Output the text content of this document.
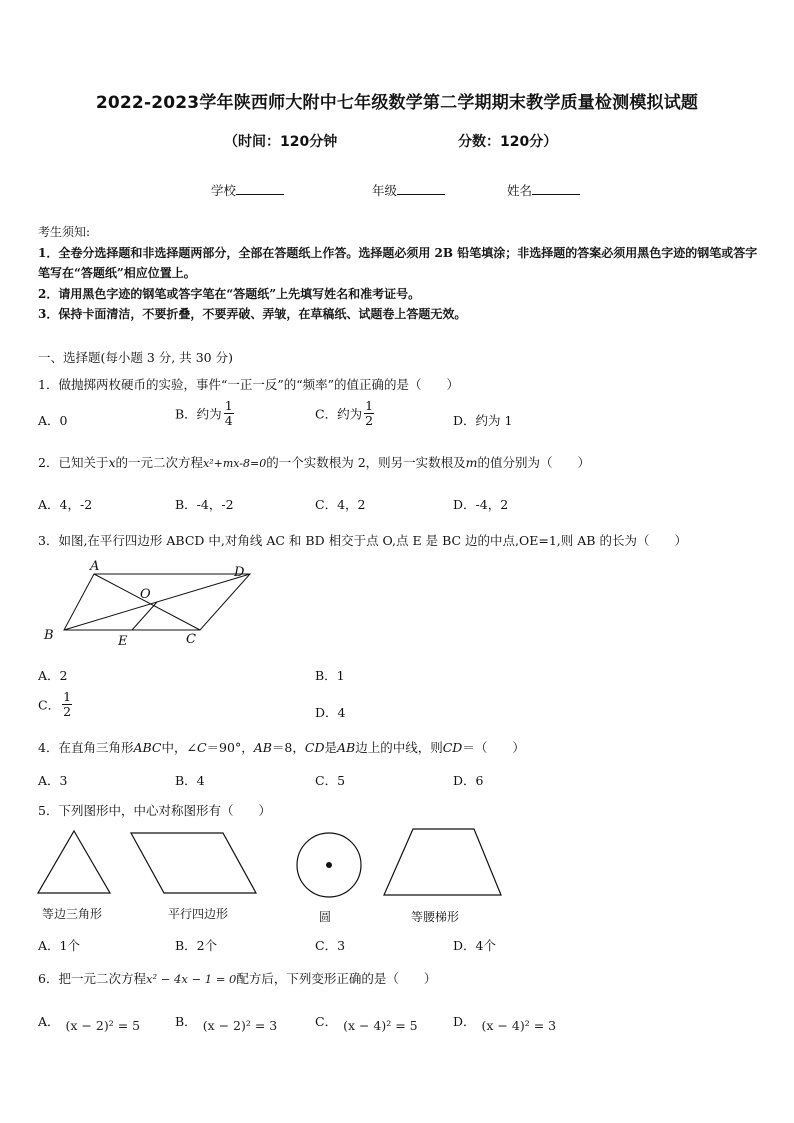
2022-2023学年陕西师大附中七年级数学第二学期期末教学质量检测模拟试题
（时间：120分钟	分数：120分）
学校	年级	姓名

考生须知:

1．全卷分选择题和非选择题两部分，全部在答题纸上作答。选择题必须用 2B 铅笔填涂；非选择题的答案必须用黑色字迹的钢笔或答字笔写在“答题纸”相应位置上。

2．请用黑色字迹的钢笔或答字笔在“答题纸”上先填写姓名和准考证号。

3．保持卡面清洁，不要折叠，不要弄破、弄皱，在草稿纸、试题卷上答题无效。

一、选择题(每小题 3 分, 共 30 分)
1．做抛掷两枚硬币的实验，事件“一正一反”的“频率”的值正确的是（　　）
A．0	B．约为 $\frac{1}{4}$	C．约为 $\frac{1}{2}$	D．约为 1
2．已知关于x的一元二次方程x²+mx-8=0的一个实数根为 2，则另一实数根及m的值分别为（　　）
A．4，-2	B．-4，-2	C．4，2	D．-4，2
3．如图,在平行四边形 ABCD 中,对角线 AC 和 BD 相交于点 O,点 E 是 BC 边的中点,OE=1,则 AB 的长为（　　）
A	D
O
B	E	C
A．2	B．1
C． $\frac{1}{2}$	D．4
4．在直角三角形ABC中，∠C＝90°，AB＝8，CD是AB边上的中线，则CD＝（　　）
A．3	B．4	C．5	D．6
5．下列图形中，中心对称图形有（　　）
等边三角形	平行四边形	圆	等腰梯形
A．1个	B．2个	C．3	D．4个
6．把一元二次方程x² − 4x − 1 = 0配方后，下列变形正确的是（　　）
A． (x − 2)² = 5	B． (x − 2)² = 3	C． (x − 4)² = 5	D． (x − 4)² = 3
